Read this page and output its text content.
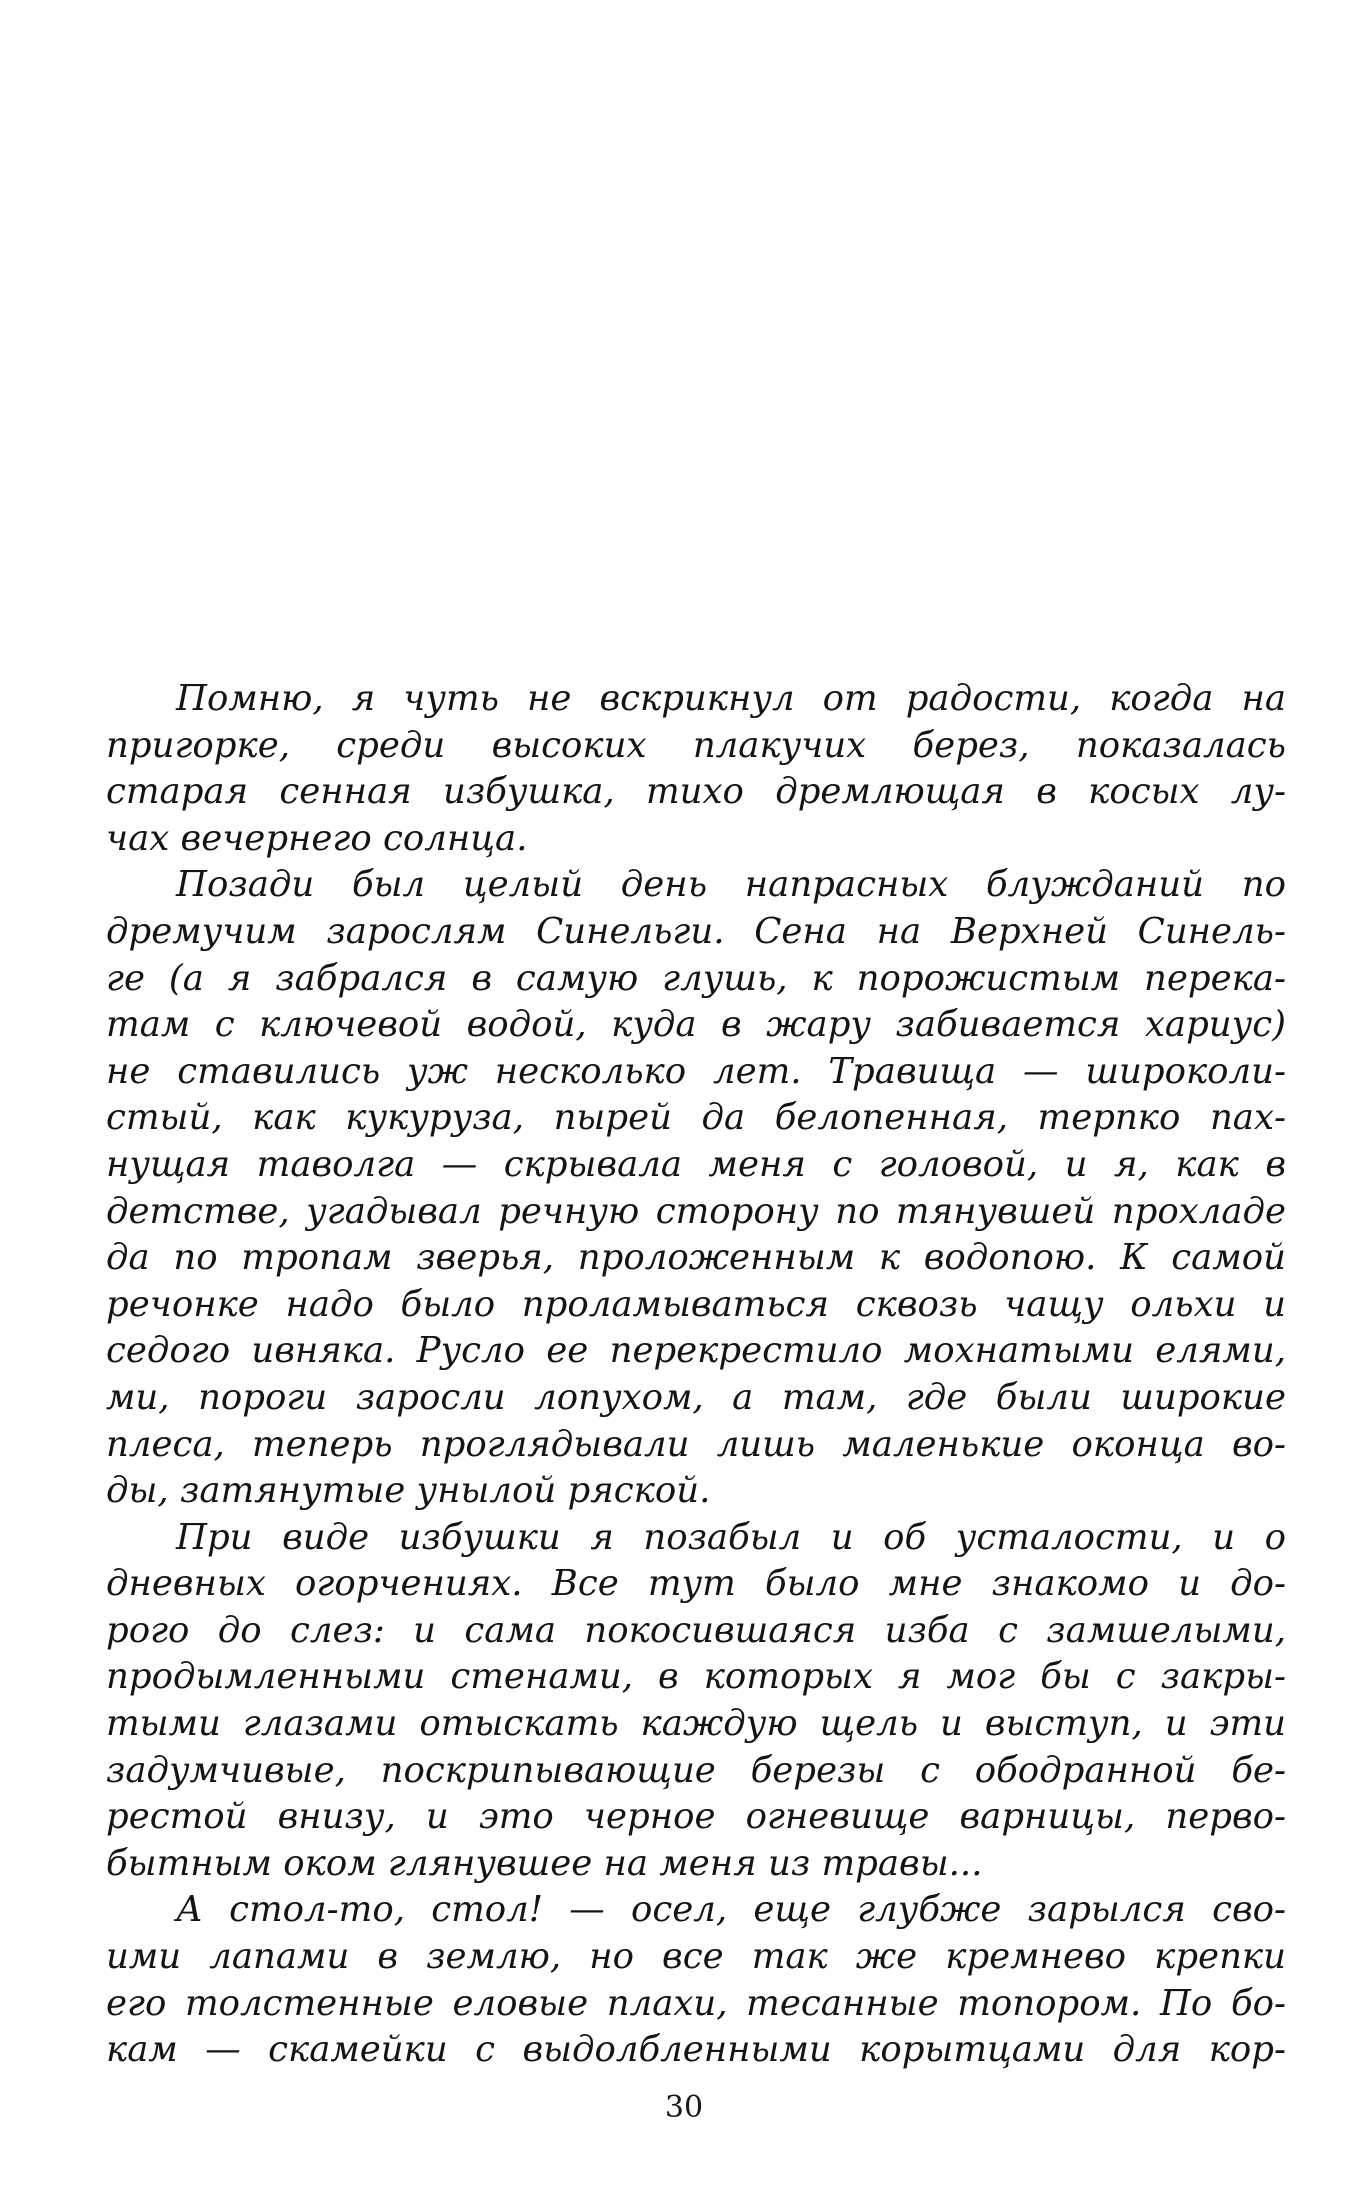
Помню, я чуть не вскрикнул от радости, когда на
пригорке, среди высоких плакучих берез, показалась
старая сенная избушка, тихо дремлющая в косых лу-
чах вечернего солнца.
Позади был целый день напрасных блужданий по
дремучим зарослям Синельги. Сена на Верхней Синель-
ге (а я забрался в самую глушь, к порожистым перека-
там с ключевой водой, куда в жару забивается хариус)
не ставились уж несколько лет. Травища — широколи-
стый, как кукуруза, пырей да белопенная, терпко пах-
нущая таволга — скрывала меня с головой, и я, как в
детстве, угадывал речную сторону по тянувшей прохладе
да по тропам зверья, проложенным к водопою. К самой
речонке надо было проламываться сквозь чащу ольхи и
седого ивняка. Русло ее перекрестило мохнатыми елями,
ми, пороги заросли лопухом, а там, где были широкие
плеса, теперь проглядывали лишь маленькие оконца во-
ды, затянутые унылой ряской.
При виде избушки я позабыл и об усталости, и о
дневных огорчениях. Все тут было мне знакомо и до-
рого до слез: и сама покосившаяся изба с замшелыми,
продымленными стенами, в которых я мог бы с закры-
тыми глазами отыскать каждую щель и выступ, и эти
задумчивые, поскрипывающие березы с ободранной бе-
рестой внизу, и это черное огневище варницы, перво-
бытным оком глянувшее на меня из травы...
А стол-то, стол! — осел, еще глубже зарылся сво-
ими лапами в землю, но все так же кремнево крепки
его толстенные еловые плахи, тесанные топором. По бо-
кам — скамейки с выдолбленными корытцами для кор-
30
